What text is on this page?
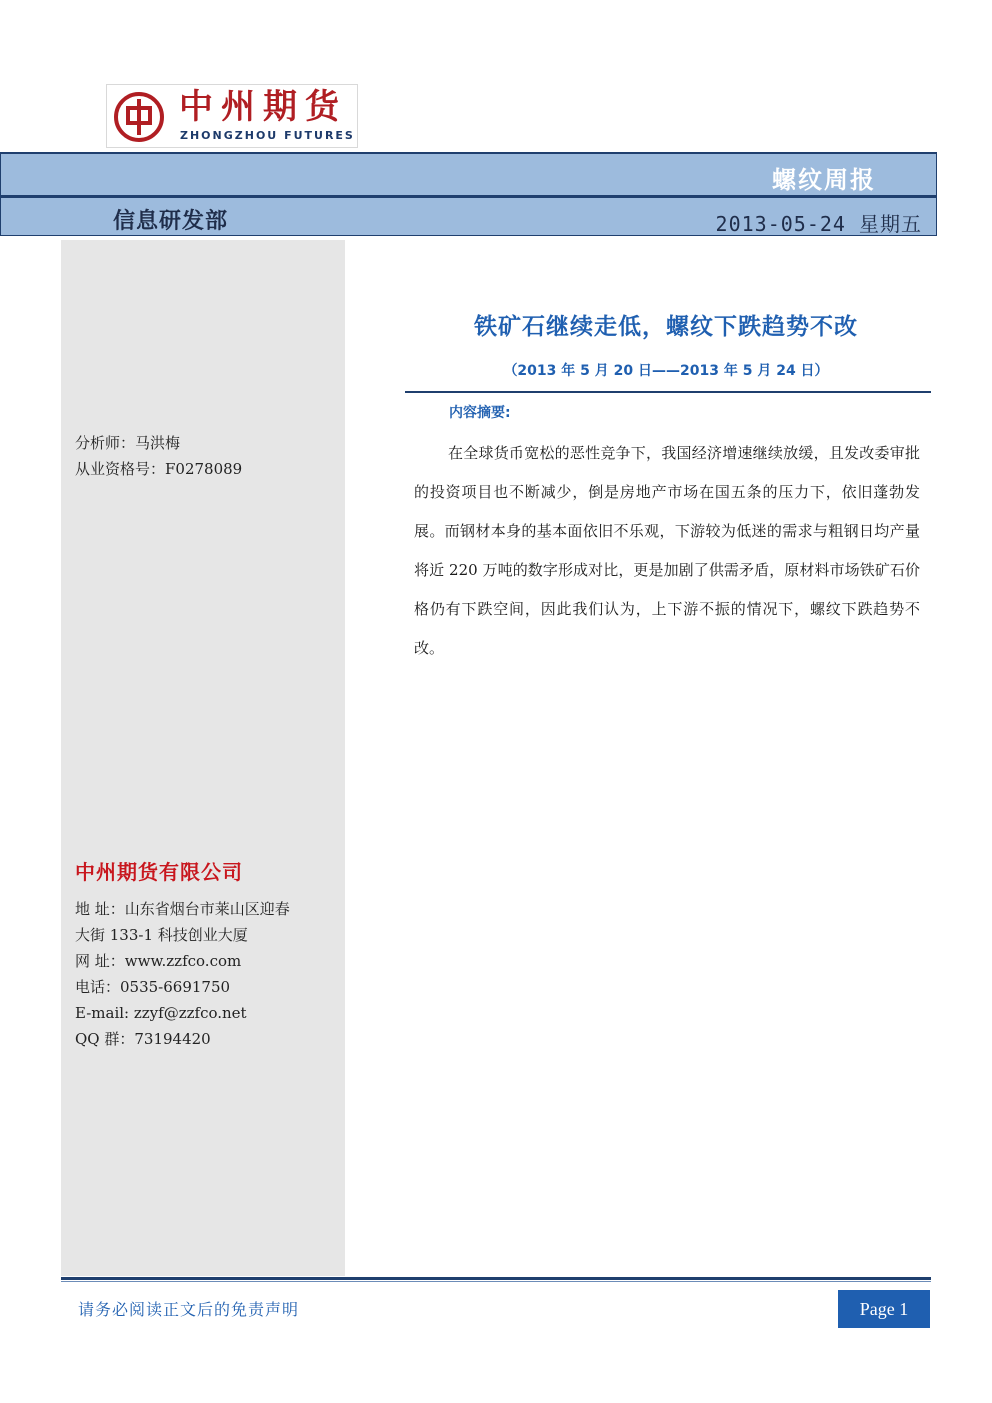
中州期货
ZHONGZHOU FUTURES
螺纹周报
信息研发部	2013-05-24 星期五
分析师：马洪梅
从业资格号：F0278089
中州期货有限公司
地 址：山东省烟台市莱山区迎春
大街 133-1 科技创业大厦
网 址：www.zzfco.com
电话：0535-6691750
E-mail: zzyf@zzfco.net
QQ 群：73194420
铁矿石继续走低，螺纹下跌趋势不改
（2013 年 5 月 20 日——2013 年 5 月 24 日）
内容摘要:

在全球货币宽松的恶性竞争下，我国经济增速继续放缓，且发改委审批的投资项目也不断减少，倒是房地产市场在国五条的压力下，依旧蓬勃发展。而钢材本身的基本面依旧不乐观，下游较为低迷的需求与粗钢日均产量将近 220 万吨的数字形成对比，更是加剧了供需矛盾，原材料市场铁矿石价格仍有下跌空间，因此我们认为，上下游不振的情况下，螺纹下跌趋势不改。

请务必阅读正文后的免责声明	Page 1
